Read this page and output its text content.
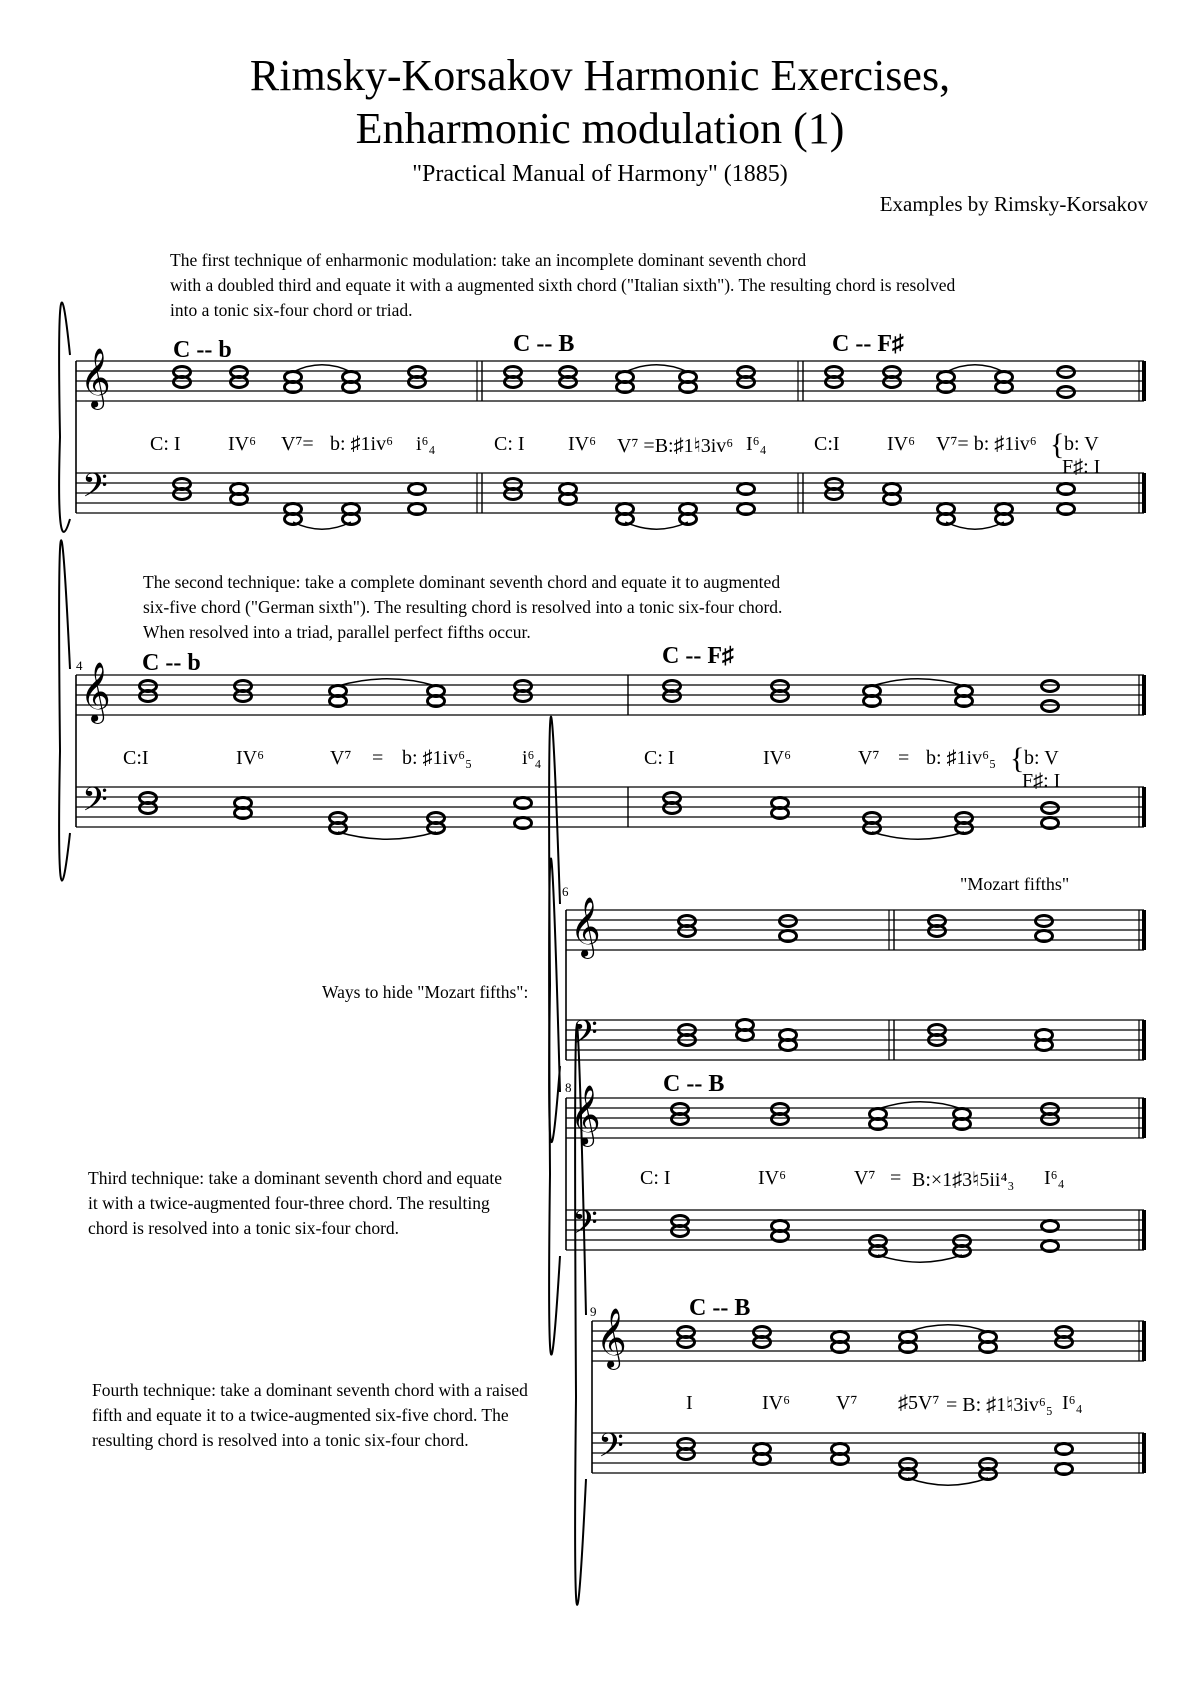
Rimsky-Korsakov Harmonic Exercises,
Enharmonic modulation (1)
"Practical Manual of Harmony" (1885)
Examples by Rimsky-Korsakov
The first technique of enharmonic modulation: take an incomplete dominant seventh chord
with a doubled third and equate it with a augmented sixth chord ("Italian sixth"). The resulting chord is resolved
into a tonic six-four chord or triad.
C -- b	C -- B	C -- F♯
C: I IV⁶ V⁷= b: ♯1iv⁶ i⁶₄	C: I IV⁶ V⁷ =B:♯1♮3iv⁶ I⁶₄ C:I IV⁶ V⁷= b: ♯1iv⁶ { b: V
F♯: I
The second technique: take a complete dominant seventh chord and equate it to augmented
six-five chord ("German sixth"). The resulting chord is resolved into a tonic six-four chord.
When resolved into a triad, parallel perfect fifths occur.
4 C -- b	C -- F♯
C:I	IV⁶	V⁷ = b: ♯1iv⁶₅ i⁶₄	C: I	IV⁶	V⁷ = b: ♯1iv⁶₅ { b: V
F♯: I
"Mozart fifths"
6
Ways to hide "Mozart fifths":
8	C -- B
Third technique: take a dominant seventh chord and equate
it with a twice-augmented four-three chord. The resulting
chord is resolved into a tonic six-four chord.
C: I	IV⁶	V⁷ = B:×1♯3♮5ii⁴₃ I⁶₄
9	C -- B
Fourth technique: take a dominant seventh chord with a raised
fifth and equate it to a twice-augmented six-five chord. The
resulting chord is resolved into a tonic six-four chord.
I	IV⁶ V⁷ ♯5V⁷ = B: ♯1♮3iv⁶₅ I⁶₄
𝄞
𝄢
𝄞
𝄢
𝄞
𝄢
𝄞
𝄢
𝄞
𝄢
